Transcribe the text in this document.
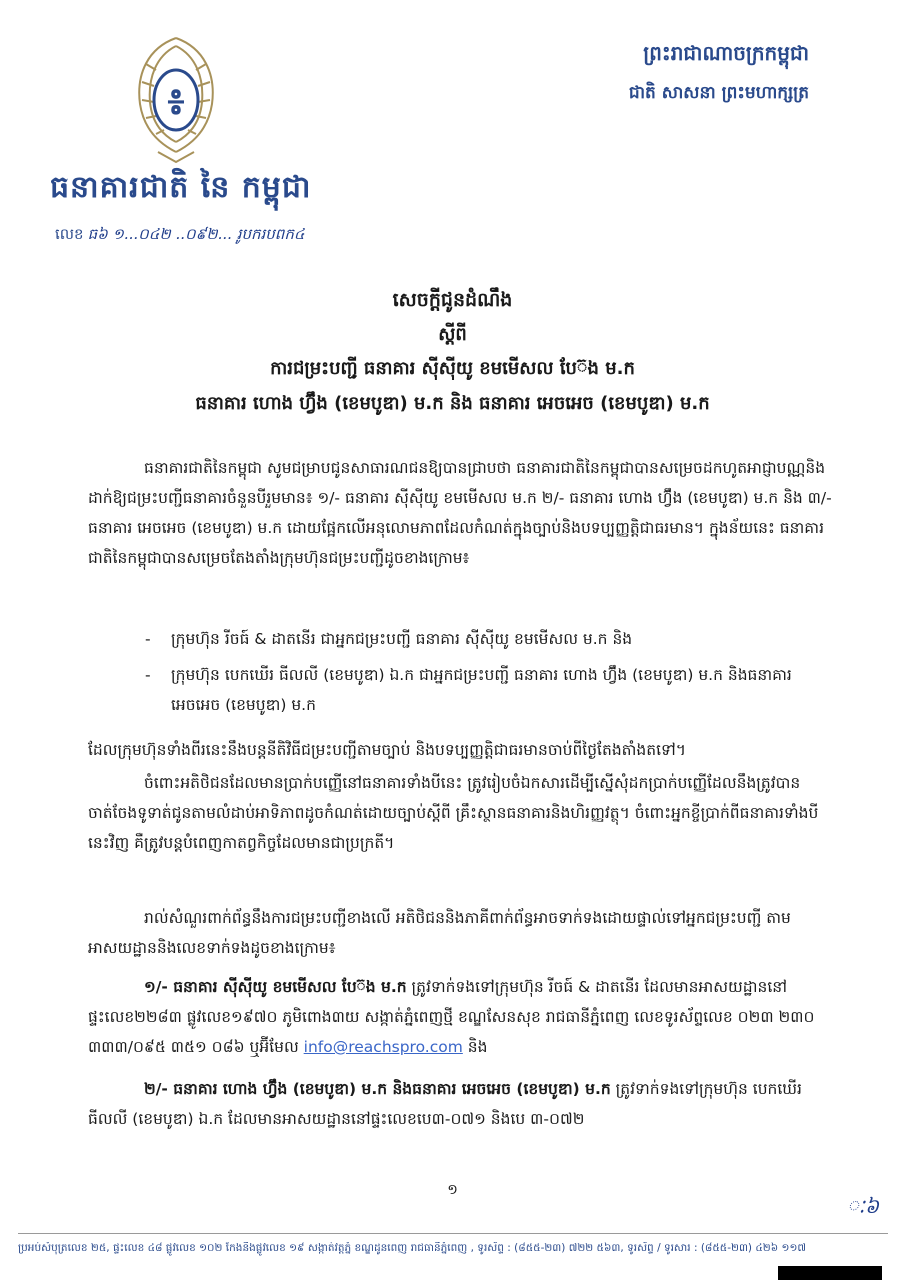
៖
ធនាគារជាតិ នៃ កម្ពុជា
លេខ ធ៦ ១...០៤២ ..០៩២... រូបករបពក៤
ព្រះរាជាណាចក្រកម្ពុជា
ជាតិ សាសនា ព្រះមហាក្សត្រ
សេចក្ដីជូនដំណឹង
ស្ដីពី
ការជម្រះបញ្ជី ធនាគារ ស៊ីស៊ីយូ ខមមើសល បែ៊ង ម.ក
ធនាគារ ហោង ហ៊្វឹង (ខេមបូឌា) ម.ក និង ធនាគារ អេចអេច (ខេមបូឌា) ម.ក
ធនាគារជាតិនៃកម្ពុជា សូមជម្រាបជូនសាធារណជនឱ្យបានជ្រាបថា ធនាគារជាតិនៃកម្ពុជាបានសម្រេចដកហូតអាជ្ញាបណ្ណនិងដាក់ឱ្យជម្រះបញ្ជីធនាគារចំនួនបីរួមមាន៖ ១/- ធនាគារ ស៊ីស៊ីយូ ខមមើសល ម.ក ២/- ធនាគារ ហោង ហ៊្វឹង (ខេមបូឌា) ម.ក និង ៣/- ធនាគារ អេចអេច (ខេមបូឌា) ម.ក ដោយផ្អែកលើអនុលោមភាពដែលកំណត់ក្នុងច្បាប់និងបទប្បញ្ញត្តិជាធរមាន។ ក្នុងន័យនេះ ធនាគារជាតិនៃកម្ពុជាបានសម្រេចតែងតាំងក្រុមហ៊ុនជម្រះបញ្ជីដូចខាងក្រោម៖
- ក្រុមហ៊ុន រីចធ៍ & ដាតនើរ ជាអ្នកជម្រះបញ្ជី ធនាគារ ស៊ីស៊ីយូ ខមមើសល ម.ក និង
- ក្រុមហ៊ុន បេកឃើរ ធីលលី (ខេមបូឌា) ឯ.ក ជាអ្នកជម្រះបញ្ជី ធនាគារ ហោង ហ៊្វឹង (ខេមបូឌា) ម.ក និងធនាគារ អេចអេច (ខេមបូឌា) ម.ក
ដែលក្រុមហ៊ុនទាំងពីរនេះនឹងបន្តនីតិវិធីជម្រះបញ្ជីតាមច្បាប់ និងបទប្បញ្ញត្តិជាធរមានចាប់ពីថ្ងៃតែងតាំងតទៅ។
ចំពោះអតិថិជនដែលមានប្រាក់បញ្ញើនៅធនាគារទាំងបីនេះ ត្រូវរៀបចំឯកសារដើម្បីស្នើសុំដកប្រាក់បញ្ញើដែលនឹងត្រូវបានចាត់ចែងទូទាត់ជូនតាមលំដាប់អាទិភាពដូចកំណត់ដោយច្បាប់ស្ដីពី គ្រឹះស្ថានធនាគារនិងហិរញ្ញវត្ថុ។ ចំពោះអ្នកខ្ចីប្រាក់ពីធនាគារទាំងបីនេះវិញ គឺត្រូវបន្តបំពេញកាតព្វកិច្ចដែលមានជាប្រក្រតី។
រាល់សំណួរពាក់ព័ន្ធនឹងការជម្រះបញ្ជីខាងលើ អតិថិជននិងភាគីពាក់ព័ន្ធអាចទាក់ទងដោយផ្ទាល់ទៅអ្នកជម្រះបញ្ជី តាមអាសយដ្ឋាននិងលេខទាក់ទងដូចខាងក្រោម៖
១/- ធនាគារ ស៊ីស៊ីយូ ខមមើសល បែ៊ង ម.ក ត្រូវទាក់ទងទៅក្រុមហ៊ុន រីចធ៍ & ដាតនើរ ដែលមានអាសយដ្ឋាននៅផ្ទះលេខ២២៨៣ ផ្លូវលេខ១៩៧០ ភូមិពោង៣យ សង្កាត់ភ្នំពេញថ្មី ខណ្ឌសែនសុខ រាជធានីភ្នំពេញ លេខទូរស័ព្ទលេខ ០២៣ ២៣០ ៣៣៣/០៩៥ ៣៥១ ០៨៦ ឬអ៊ីមែល info@reachspro.com និង
២/- ធនាគារ ហោង ហ៊្វឹង (ខេមបូឌា) ម.ក និងធនាគារ អេចអេច (ខេមបូឌា) ម.ក ត្រូវទាក់ទងទៅក្រុមហ៊ុន បេកឃើរ ធីលលី (ខេមបូឌា) ឯ.ក ដែលមានអាសយដ្ឋាននៅផ្ទះលេខបេ៣-០៧១ និងបេ ៣-០៧២
១
ៈ៦
ប្រអប់សំបុត្រលេខ ២៥, ផ្ទះលេខ ៤៨ ផ្លូវលេខ ១០២ កែងនឹងផ្លូវលេខ ១៩ សង្កាត់វត្តភ្នំ ខណ្ឌដូនពេញ រាជធានីភ្នំពេញ , ទូរស័ព្ទ : (៨៥៥-២៣) ៧២២ ៥៦៣, ទូរស័ព្ទ / ទូរសារ : (៨៥៥-២៣) ៤២៦ ១១៧
